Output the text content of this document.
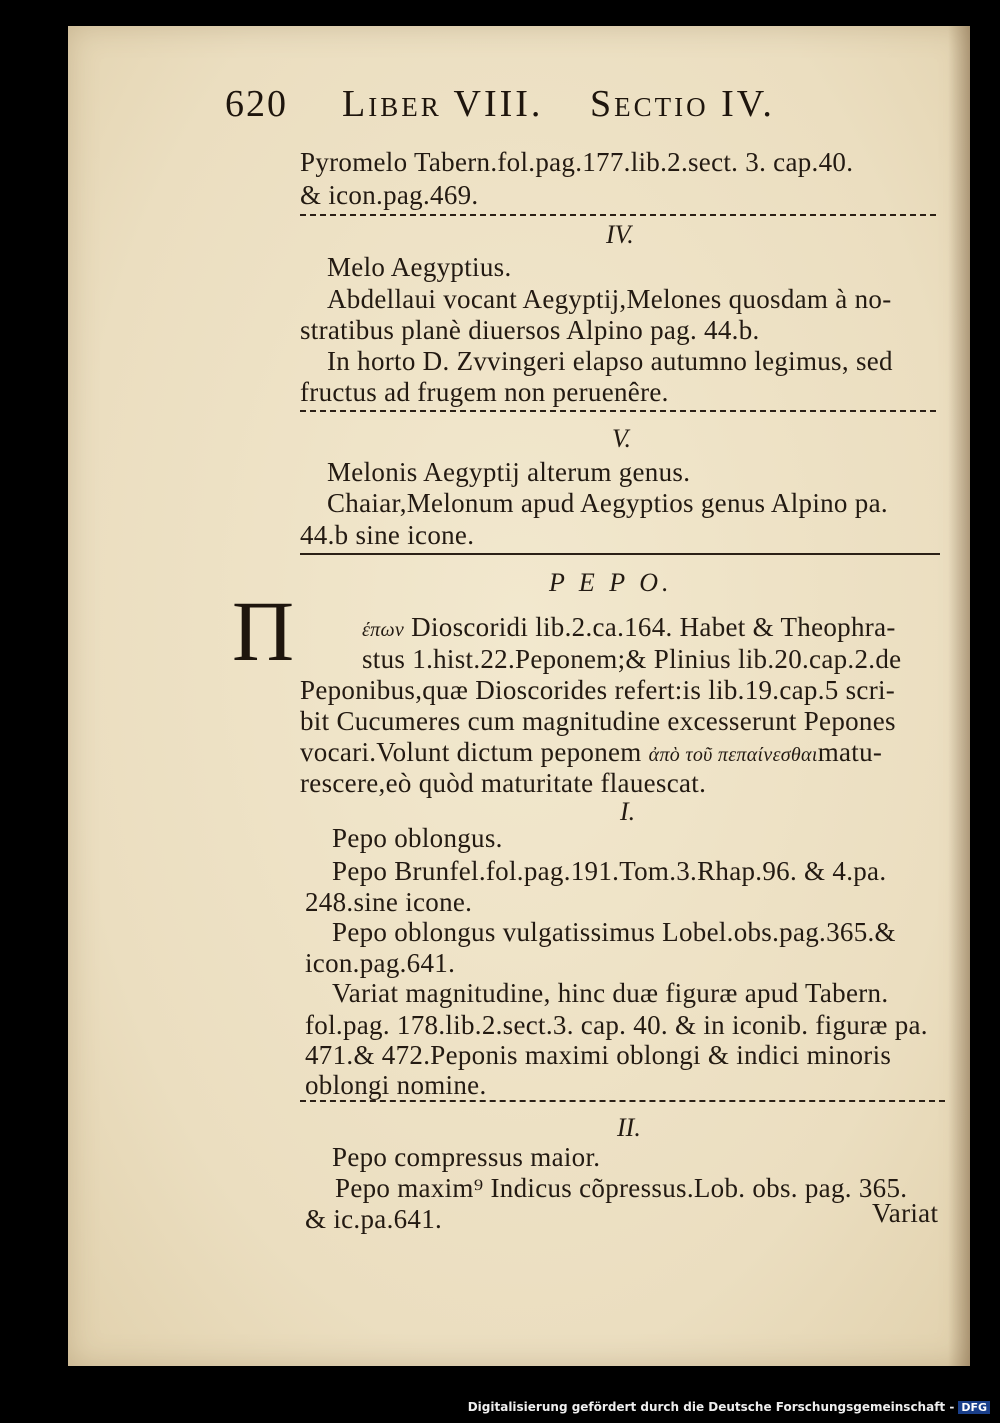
620 Liber VIII. Sectio IV.
Pyromelo Tabern.fol.pag.177.lib.2.sect. 3. cap.40.
& icon.pag.469.
IV.
Melo Aegyptius.
Abdellaui vocant Aegyptij,Melones quosdam à no-
stratibus planè diuersos Alpino pag. 44.b.
In horto D. Zvvingeri elapso autumno legimus, sed
fructus ad frugem non peruenêre.
V.
Melonis Aegyptij alterum genus.
Chaiar,Melonum apud Aegyptios genus Alpino pa.
44.b sine icone.
P E P O.
Π	έπων Dioscoridi lib.2.ca.164. Habet & Theophra-
stus 1.hist.22.Peponem;& Plinius lib.20.cap.2.de
Peponibus,quæ Dioscorides refert:is lib.19.cap.5 scri-
bit Cucumeres cum magnitudine excesserunt Pepones
vocari.Volunt dictum peponem ἀπὸ τοῦ πεπαίνεσθαιmatu-
rescere,eò quòd maturitate flauescat.
I.
Pepo oblongus.
Pepo Brunfel.fol.pag.191.Tom.3.Rhap.96. & 4.pa.
248.sine icone.
Pepo oblongus vulgatissimus Lobel.obs.pag.365.&
icon.pag.641.
Variat magnitudine, hinc duæ figuræ apud Tabern.
fol.pag. 178.lib.2.sect.3. cap. 40. & in iconib. figuræ pa.
471.& 472.Peponis maximi oblongi & indici minoris
oblongi nomine.
II.
Pepo compressus maior.
Pepo maxim⁹ Indicus cõpressus.Lob. obs. pag. 365.
& ic.pa.641.	Variat
Digitalisierung gefördert durch die Deutsche Forschungsgemeinschaft - DFG
